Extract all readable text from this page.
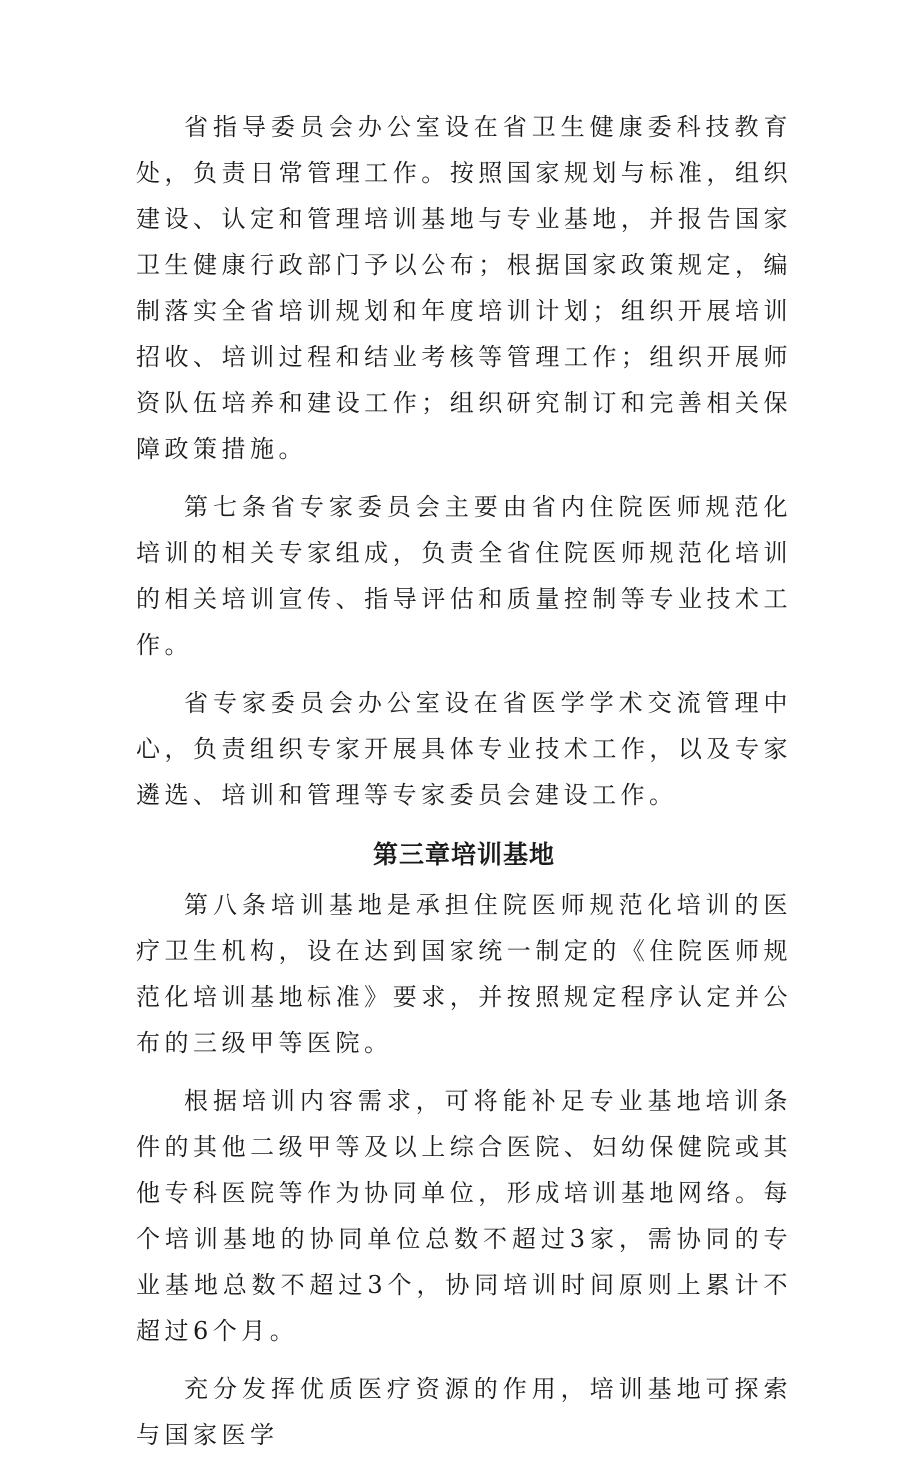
省指导委员会办公室设在省卫生健康委科技教育处，负责日常管理工作。按照国家规划与标准，组织建设、认定和管理培训基地与专业基地，并报告国家卫生健康行政部门予以公布；根据国家政策规定，编制落实全省培训规划和年度培训计划；组织开展培训招收、培训过程和结业考核等管理工作；组织开展师资队伍培养和建设工作；组织研究制订和完善相关保障政策措施。

第七条省专家委员会主要由省内住院医师规范化培训的相关专家组成，负责全省住院医师规范化培训的相关培训宣传、指导评估和质量控制等专业技术工作。

省专家委员会办公室设在省医学学术交流管理中心，负责组织专家开展具体专业技术工作，以及专家遴选、培训和管理等专家委员会建设工作。

第三章培训基地

第八条培训基地是承担住院医师规范化培训的医疗卫生机构，设在达到国家统一制定的《住院医师规范化培训基地标准》要求，并按照规定程序认定并公布的三级甲等医院。

根据培训内容需求，可将能补足专业基地培训条件的其他二级甲等及以上综合医院、妇幼保健院或其他专科医院等作为协同单位，形成培训基地网络。每个培训基地的协同单位总数不超过3家，需协同的专业基地总数不超过3个，协同培训时间原则上累计不超过6个月。

充分发挥优质医疗资源的作用，培训基地可探索与国家医学
